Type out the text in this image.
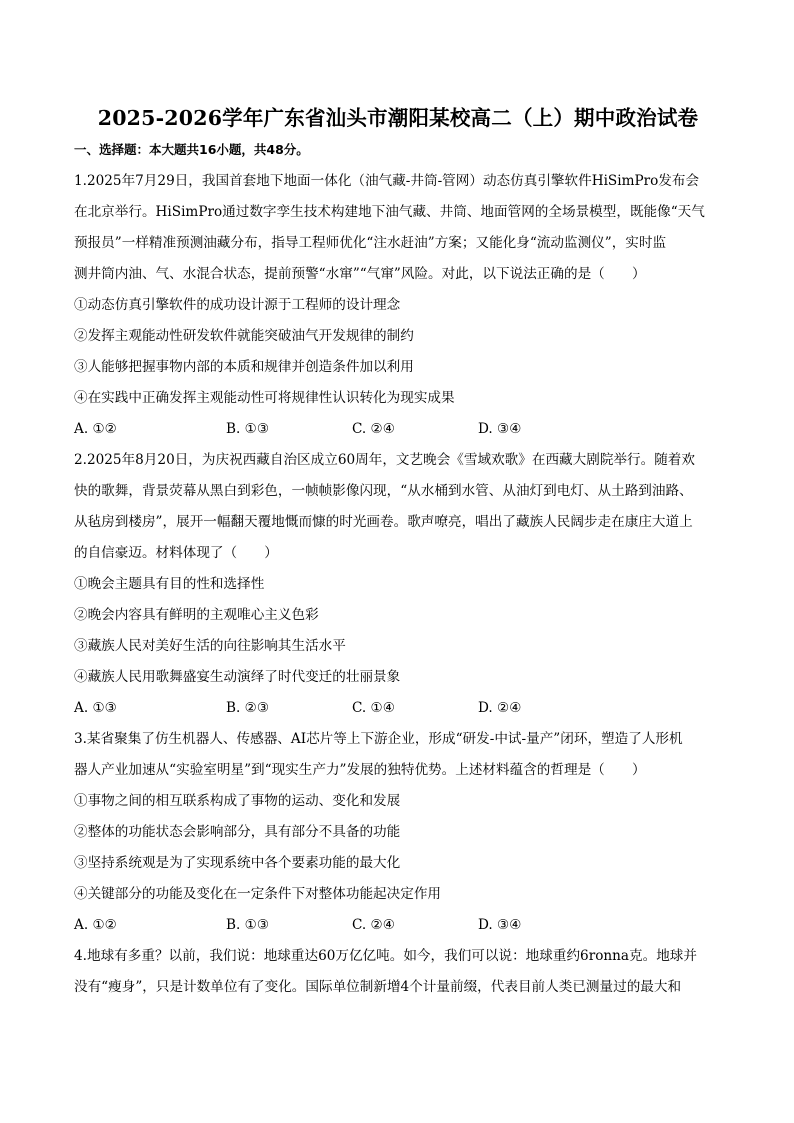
2025-2026学年广东省汕头市潮阳某校高二（上）期中政治试卷
一、选择题：本大题共16小题，共48分。

1.2025年7月29日，我国首套地下地面一体化（油气藏-井筒-管网）动态仿真引擎软件HiSimPro发布会
在北京举行。HiSimPro通过数字孪生技术构建地下油气藏、井筒、地面管网的全场景模型，既能像“天气
预报员”一样精准预测油藏分布，指导工程师优化“注水赶油”方案；又能化身“流动监测仪”，实时监
测井筒内油、气、水混合状态，提前预警“水窜”“气窜”风险。对此，以下说法正确的是（　　）

①动态仿真引擎软件的成功设计源于工程师的设计理念

②发挥主观能动性研发软件就能突破油气开发规律的制约

③人能够把握事物内部的本质和规律并创造条件加以利用

④在实践中正确发挥主观能动性可将规律性认识转化为现实成果

A. ①②	B. ①③	C. ②④	D. ③④

2.2025年8月20日，为庆祝西藏自治区成立60周年，文艺晚会《雪域欢歌》在西藏大剧院举行。随着欢
快的歌舞，背景荧幕从黑白到彩色，一帧帧影像闪现，“从水桶到水管、从油灯到电灯、从土路到油路、
从毡房到楼房”，展开一幅翻天覆地慨而慷的时光画卷。歌声嘹亮，唱出了藏族人民阔步走在康庄大道上
的自信豪迈。材料体现了（　　）

①晚会主题具有目的性和选择性

②晚会内容具有鲜明的主观唯心主义色彩

③藏族人民对美好生活的向往影响其生活水平

④藏族人民用歌舞盛宴生动演绎了时代变迁的壮丽景象

A. ①③	B. ②③	C. ①④	D. ②④

3.某省聚集了仿生机器人、传感器、AI芯片等上下游企业，形成“研发-中试-量产”闭环，塑造了人形机
器人产业加速从“实验室明星”到“现实生产力”发展的独特优势。上述材料蕴含的哲理是（　　）

①事物之间的相互联系构成了事物的运动、变化和发展

②整体的功能状态会影响部分，具有部分不具备的功能

③坚持系统观是为了实现系统中各个要素功能的最大化

④关键部分的功能及变化在一定条件下对整体功能起决定作用

A. ①②	B. ①③	C. ②④	D. ③④

4.地球有多重？以前，我们说：地球重达60万亿亿吨。如今，我们可以说：地球重约6ronna克。地球并
没有“瘦身”，只是计数单位有了变化。国际单位制新增4个计量前缀，代表目前人类已测量过的最大和
